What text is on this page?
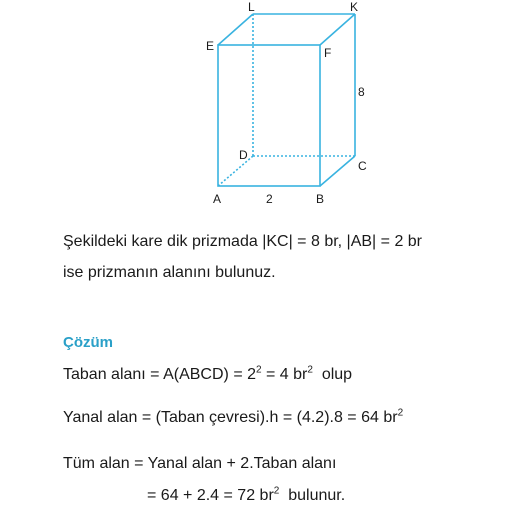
L	K
E	F
D
C
A	B
8
2
Şekildeki kare dik prizmada |KC| = 8 br, |AB| = 2 br
ise prizmanın alanını bulunuz.
Çözüm
Taban alanı = A(ABCD) = $2^2 = 4$ $br^2$  olup
Yanal alan = (Taban çevresi).h = (4.2).8 = 64 $br^2$
Tüm alan = Yanal alan + 2.Taban alanı
= 64 + 2.4 = 72 $br^2$  bulunur.
